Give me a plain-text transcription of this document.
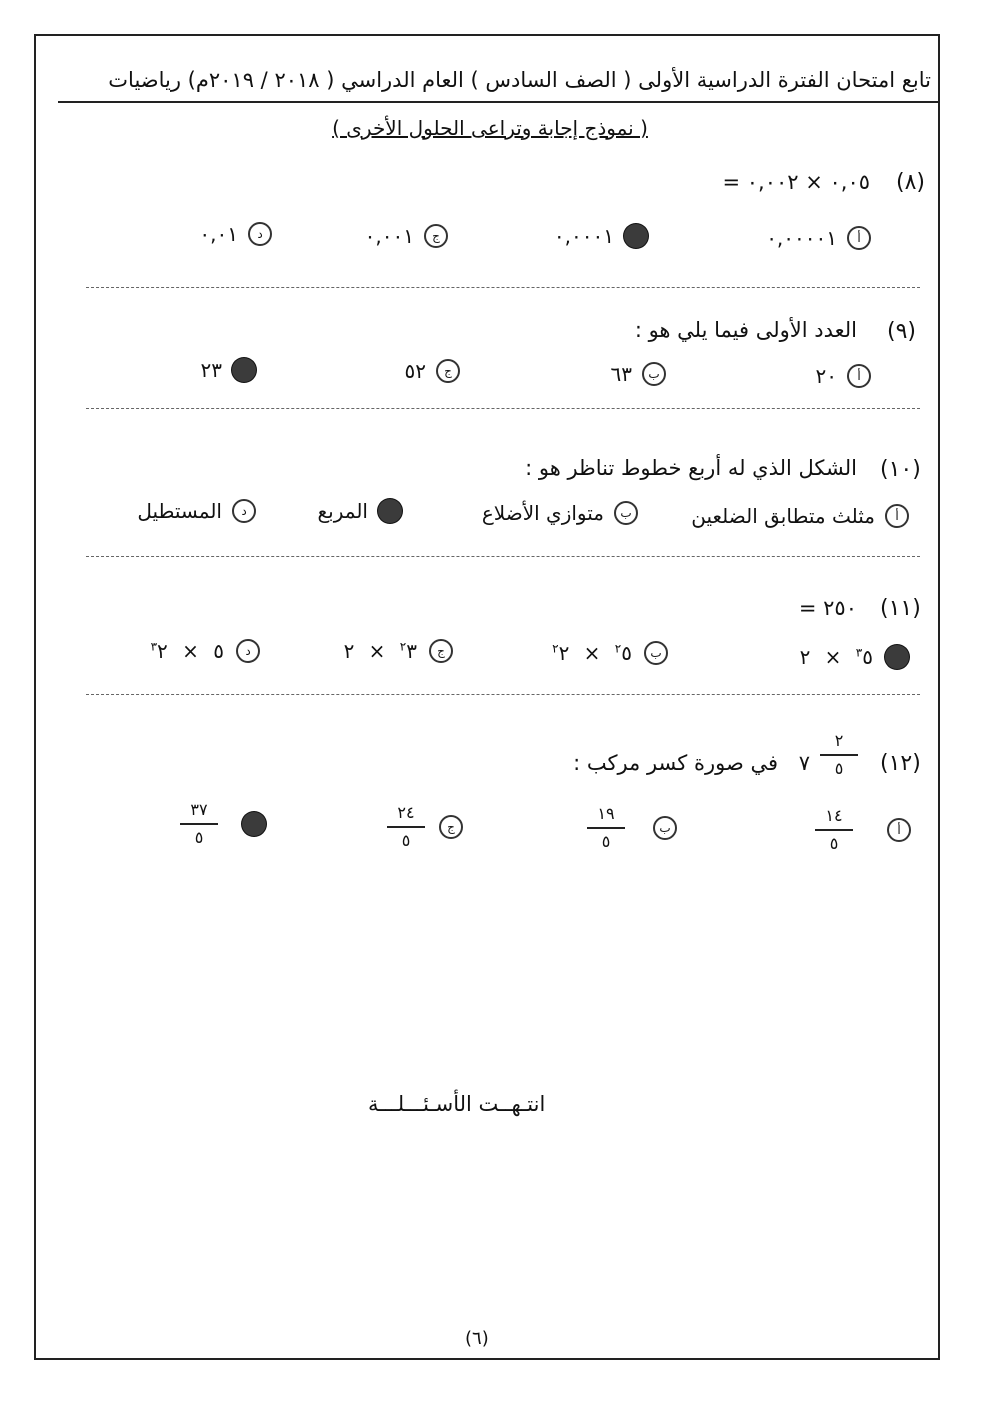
تابع امتحان الفترة الدراسية الأولى ( الصف السادس ) العام الدراسي ( ٢٠١٨ / ٢٠١٩م) رياضيات
( نموذج إجابة وتراعى الحلول الأخرى )
(٨)
٠,٠٥ × ٠,٠٠٢ =
أ
٠,٠٠٠٠١
٠,٠٠٠١
ج
٠,٠٠١
د
٠,٠١
(٩)
العدد الأولى فيما يلي هو :
أ
٢٠
ب
٦٣
ج
٥٢
٢٣
(١٠)
الشكل الذي له أربع خطوط تناظر هو :
أ
مثلث متطابق الضلعين
ب
متوازي الأضلاع
المربع
د
المستطيل
(١١)
٢٥٠ =
$^٣$٥ × ٢
ب
$^٢$٥ × $^٢$٢
ج
$^٢$٣ × ٢
د
٥ × $^٣$٢
(١٢)
$\frac{٢}{٥}$
٧
في صورة كسر مركب :
أ
$\frac{١٤}{٥}$
ب
$\frac{١٩}{٥}$
ج
$\frac{٢٤}{٥}$
$\frac{٣٧}{٥}$
انتـهــت الأسـئـــلـــة
(٦)
